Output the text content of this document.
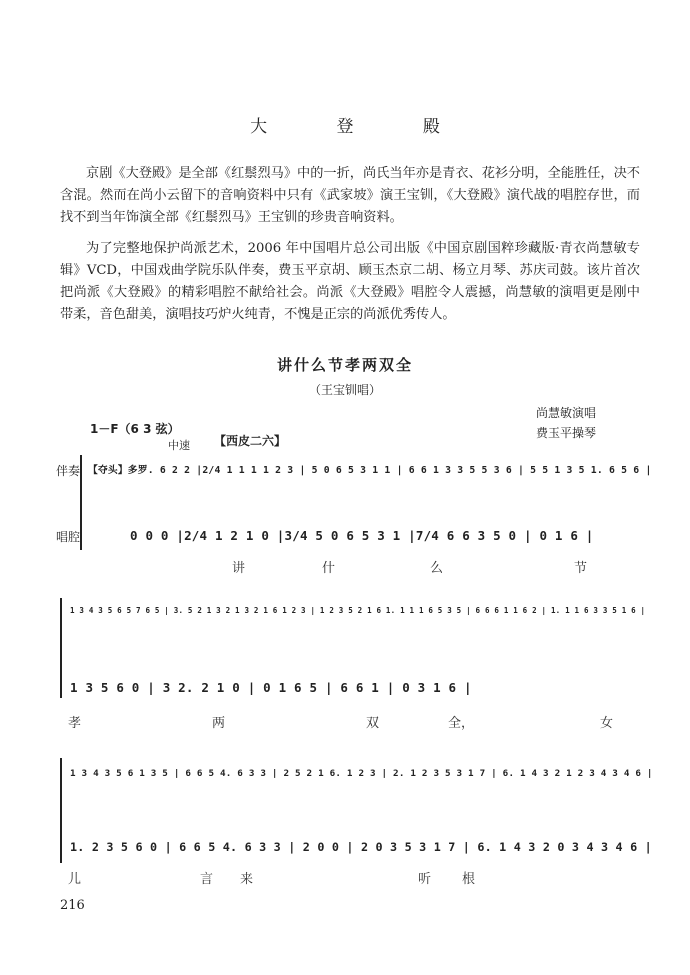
大 登 殿
京剧《大登殿》是全部《红鬃烈马》中的一折，尚氏当年亦是青衣、花衫分明，全能胜任，决不含混。然而在尚小云留下的音响资料中只有《武家坡》演王宝钏，《大登殿》演代战的唱腔存世，而找不到当年饰演全部《红鬃烈马》王宝钏的珍贵音响资料。
为了完整地保护尚派艺术，2006 年中国唱片总公司出版《中国京剧国粹珍藏版·青衣尚慧敏专辑》VCD，中国戏曲学院乐队伴奏，费玉平京胡、顾玉杰京二胡、杨立月琴、苏庆司鼓。该片首次把尚派《大登殿》的精彩唱腔不献给社会。尚派《大登殿》唱腔令人震撼，尚慧敏的演唱更是刚中带柔，音色甜美，演唱技巧炉火纯青，不愧是正宗的尚派优秀传人。
讲什么节孝两双全
（王宝钏唱）
1－F（6 3 弦）
尚慧敏演唱
费玉平操琴
中速 【西皮二六】
伴奏
唱腔
【夺头】多罗. 6 2 2 |2/4 1 1 1 1 2 3 | 5 0 6 5 3 1 1 | 6 6 1 3 3 5 5 3 6 | 5 5 1 3 5 1. 6 5 6 |
0 0 0 |2/4 1 2 1 0 |3/4 5 0 6 5 3 1 |7/4 6 6 3 5 0 | 0 1 6 |
讲	什	么	节
1 3 4 3 5 6 5 7 6 5 | 3. 5 2 1 3 2 1 3 2 1 6 1 2 3 | 1 2 3 5 2 1 6 1. 1 1 1 6 5 3 5 | 6 6 6 1 1 6 2 | 1. 1 1 6 3 3 5 1 6 |
1 3 5 6 0 | 3 2. 2 1 0 | 0 1 6 5 | 6 6 1 | 0 3 1 6 |
孝	两	双	全，	女
1 3 4 3 5 6 1 3 5 | 6 6 5 4. 6 3 3 | 2 5 2 1 6. 1 2 3 | 2. 1 2 3 5 3 1 7 | 6. 1 4 3 2 1 2 3 4 3 4 6 |
1. 2 3 5 6 0 | 6 6 5 4. 6 3 3 | 2 0 0 | 2 0 3 5 3 1 7 | 6. 1 4 3 2 0 3 4 3 4 6 |
儿	言 来	听 根
216
